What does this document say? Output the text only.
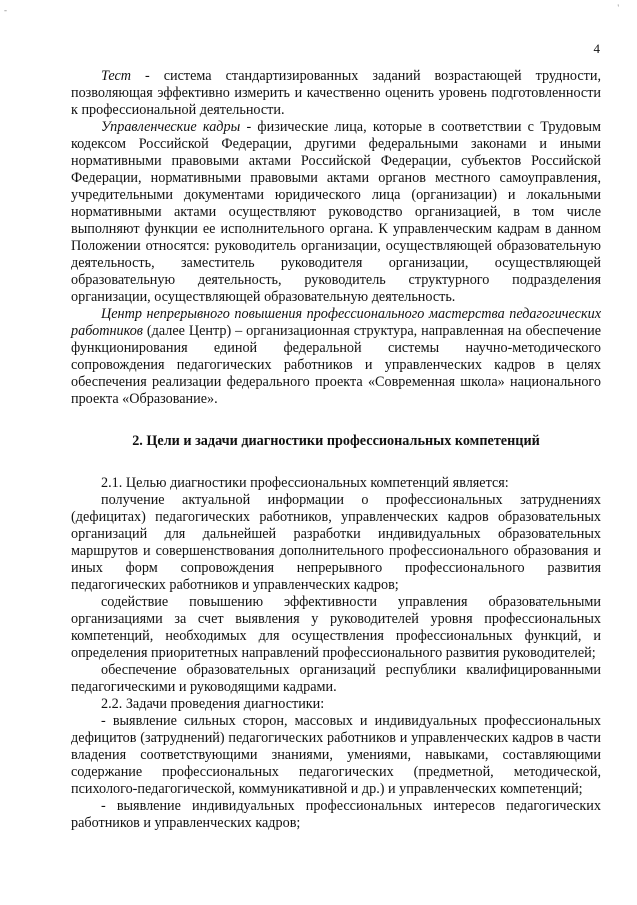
-	'
4

Тест - система стандартизированных заданий возрастающей трудности, позволяющая эффективно измерить и качественно оценить уровень подготовленности к профессиональной деятельности.

Управленческие кадры - физические лица, которые в соответствии с Трудовым кодексом Российской Федерации, другими федеральными законами и иными нормативными правовыми актами Российской Федерации, субъектов Российской Федерации, нормативными правовыми актами органов местного самоуправления, учредительными документами юридического лица (организации) и локальными нормативными актами осуществляют руководство организацией, в том числе выполняют функции ее исполнительного органа. К управленческим кадрам в данном Положении относятся: руководитель организации, осуществляющей образовательную деятельность, заместитель руководителя организации, осуществляющей образовательную деятельность, руководитель структурного подразделения организации, осуществляющей образовательную деятельность.

Центр непрерывного повышения профессионального мастерства педагогических работников (далее Центр) – организационная структура, направленная на обеспечение функционирования единой федеральной системы научно-методического сопровождения педагогических работников и управленческих кадров в целях обеспечения реализации федерального проекта «Современная школа» национального проекта «Образование».

2. Цели и задачи диагностики профессиональных компетенций

2.1. Целью диагностики профессиональных компетенций является:

получение актуальной информации о профессиональных затруднениях (дефицитах) педагогических работников, управленческих кадров образовательных организаций для дальнейшей разработки индивидуальных образовательных маршрутов и совершенствования дополнительного профессионального образования и иных форм сопровождения непрерывного профессионального развития педагогических работников и управленческих кадров;

содействие повышению эффективности управления образовательными организациями за счет выявления у руководителей уровня профессиональных компетенций, необходимых для осуществления профессиональных функций, и определения приоритетных направлений профессионального развития руководителей;

обеспечение образовательных организаций республики квалифицированными педагогическими и руководящими кадрами.

2.2. Задачи проведения диагностики:

- выявление сильных сторон, массовых и индивидуальных профессиональных дефицитов (затруднений) педагогических работников и управленческих кадров в части владения соответствующими знаниями, умениями, навыками, составляющими содержание профессиональных педагогических (предметной, методической, психолого-педагогической, коммуникативной и др.) и управленческих компетенций;

- выявление индивидуальных профессиональных интересов педагогических работников и управленческих кадров;
